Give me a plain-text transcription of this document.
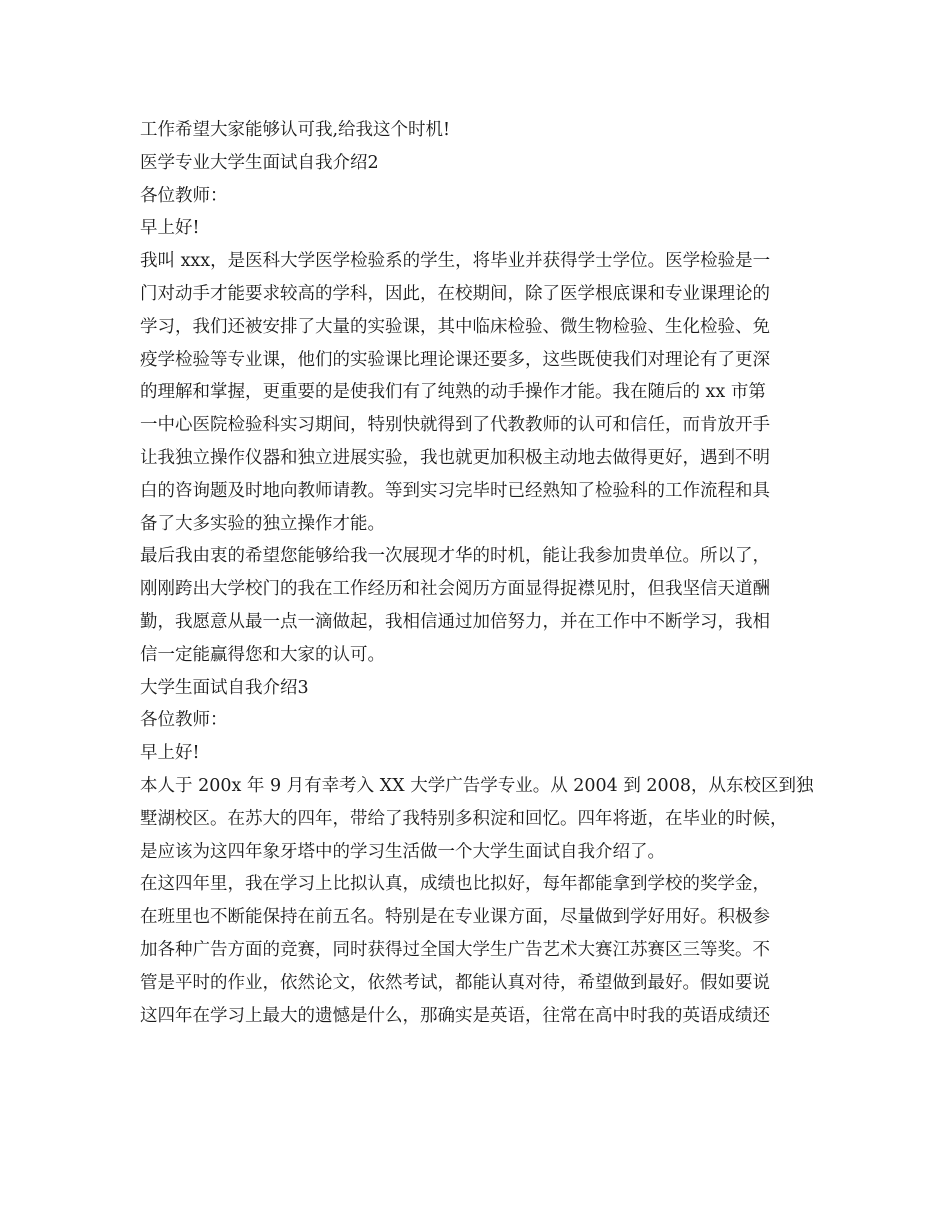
工作希望大家能够认可我,给我这个时机!
医学专业大学生面试自我介绍2
各位教师：
早上好!
我叫 xxx，是医科大学医学检验系的学生，将毕业并获得学士学位。医学检验是一
门对动手才能要求较高的学科，因此，在校期间，除了医学根底课和专业课理论的
学习，我们还被安排了大量的实验课，其中临床检验、微生物检验、生化检验、免
疫学检验等专业课，他们的实验课比理论课还要多，这些既使我们对理论有了更深
的理解和掌握，更重要的是使我们有了纯熟的动手操作才能。我在随后的 xx 市第
一中心医院检验科实习期间，特别快就得到了代教教师的认可和信任，而肯放开手
让我独立操作仪器和独立进展实验，我也就更加积极主动地去做得更好，遇到不明
白的咨询题及时地向教师请教。等到实习完毕时已经熟知了检验科的工作流程和具
备了大多实验的独立操作才能。
最后我由衷的希望您能够给我一次展现才华的时机，能让我参加贵单位。所以了，
刚刚跨出大学校门的我在工作经历和社会阅历方面显得捉襟见肘，但我坚信天道酬
勤，我愿意从最一点一滴做起，我相信通过加倍努力，并在工作中不断学习，我相
信一定能赢得您和大家的认可。
大学生面试自我介绍3
各位教师：
早上好!
本人于 200x 年 9 月有幸考入 XX 大学广告学专业。从 2004 到 2008，从东校区到独
墅湖校区。在苏大的四年，带给了我特别多积淀和回忆。四年将逝，在毕业的时候，
是应该为这四年象牙塔中的学习生活做一个大学生面试自我介绍了。
在这四年里，我在学习上比拟认真，成绩也比拟好，每年都能拿到学校的奖学金，
在班里也不断能保持在前五名。特别是在专业课方面，尽量做到学好用好。积极参
加各种广告方面的竞赛，同时获得过全国大学生广告艺术大赛江苏赛区三等奖。不
管是平时的作业，依然论文，依然考试，都能认真对待，希望做到最好。假如要说
这四年在学习上最大的遗憾是什么，那确实是英语，往常在高中时我的英语成绩还
